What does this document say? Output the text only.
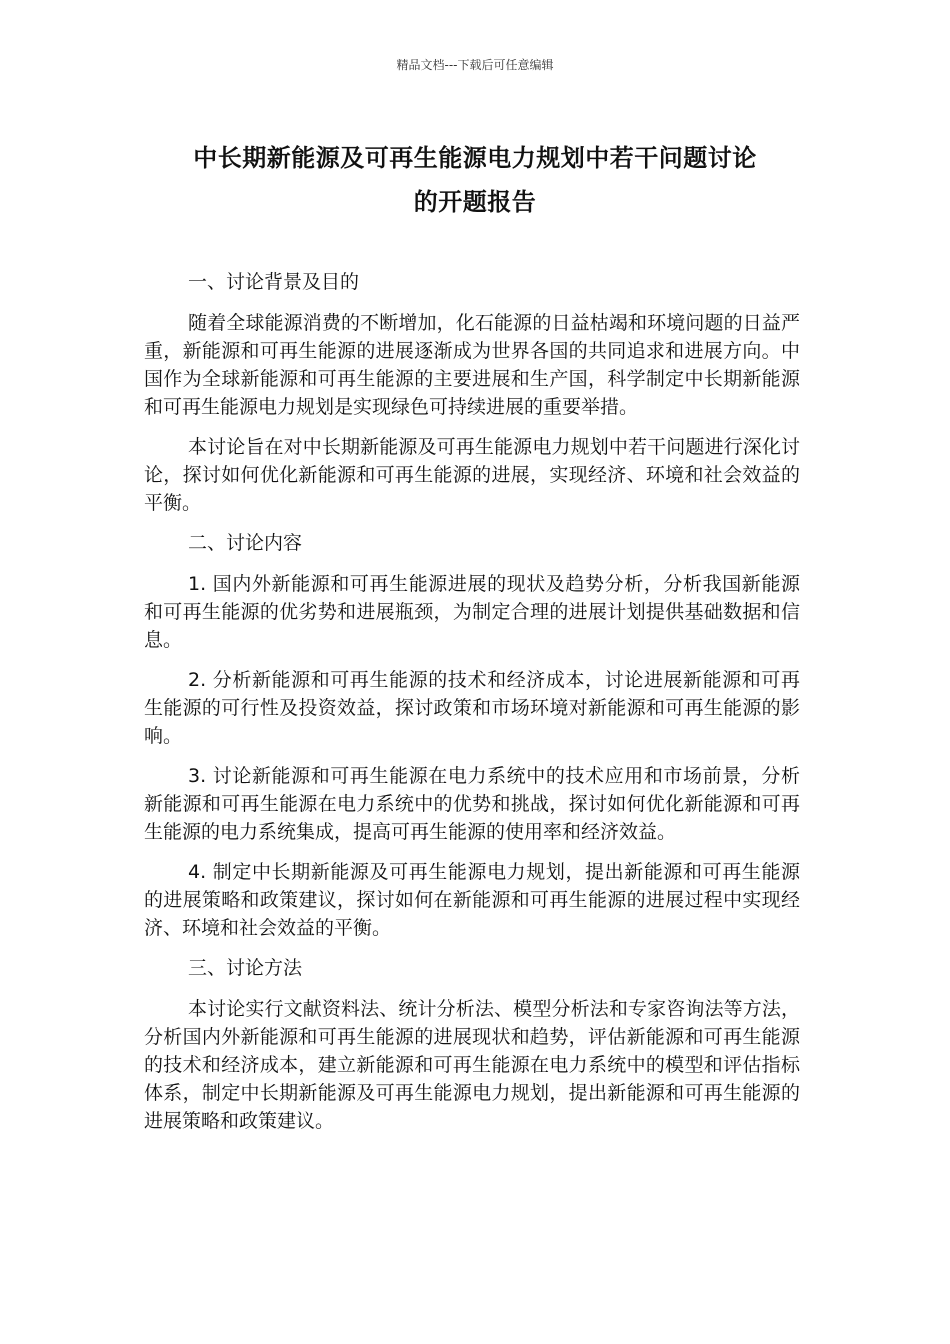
精品文档---下载后可任意编辑
中长期新能源及可再生能源电力规划中若干问题讨论
的开题报告

一、讨论背景及目的

随着全球能源消费的不断增加，化石能源的日益枯竭和环境问题的日益严重，新能源和可再生能源的进展逐渐成为世界各国的共同追求和进展方向。中国作为全球新能源和可再生能源的主要进展和生产国，科学制定中长期新能源和可再生能源电力规划是实现绿色可持续进展的重要举措。

本讨论旨在对中长期新能源及可再生能源电力规划中若干问题进行深化讨论，探讨如何优化新能源和可再生能源的进展，实现经济、环境和社会效益的平衡。

二、讨论内容

1. 国内外新能源和可再生能源进展的现状及趋势分析，分析我国新能源和可再生能源的优劣势和进展瓶颈，为制定合理的进展计划提供基础数据和信息。

2. 分析新能源和可再生能源的技术和经济成本，讨论进展新能源和可再生能源的可行性及投资效益，探讨政策和市场环境对新能源和可再生能源的影响。

3. 讨论新能源和可再生能源在电力系统中的技术应用和市场前景，分析新能源和可再生能源在电力系统中的优势和挑战，探讨如何优化新能源和可再生能源的电力系统集成，提高可再生能源的使用率和经济效益。

4. 制定中长期新能源及可再生能源电力规划，提出新能源和可再生能源的进展策略和政策建议，探讨如何在新能源和可再生能源的进展过程中实现经济、环境和社会效益的平衡。

三、讨论方法

本讨论实行文献资料法、统计分析法、模型分析法和专家咨询法等方法，分析国内外新能源和可再生能源的进展现状和趋势，评估新能源和可再生能源的技术和经济成本，建立新能源和可再生能源在电力系统中的模型和评估指标体系，制定中长期新能源及可再生能源电力规划，提出新能源和可再生能源的进展策略和政策建议。
